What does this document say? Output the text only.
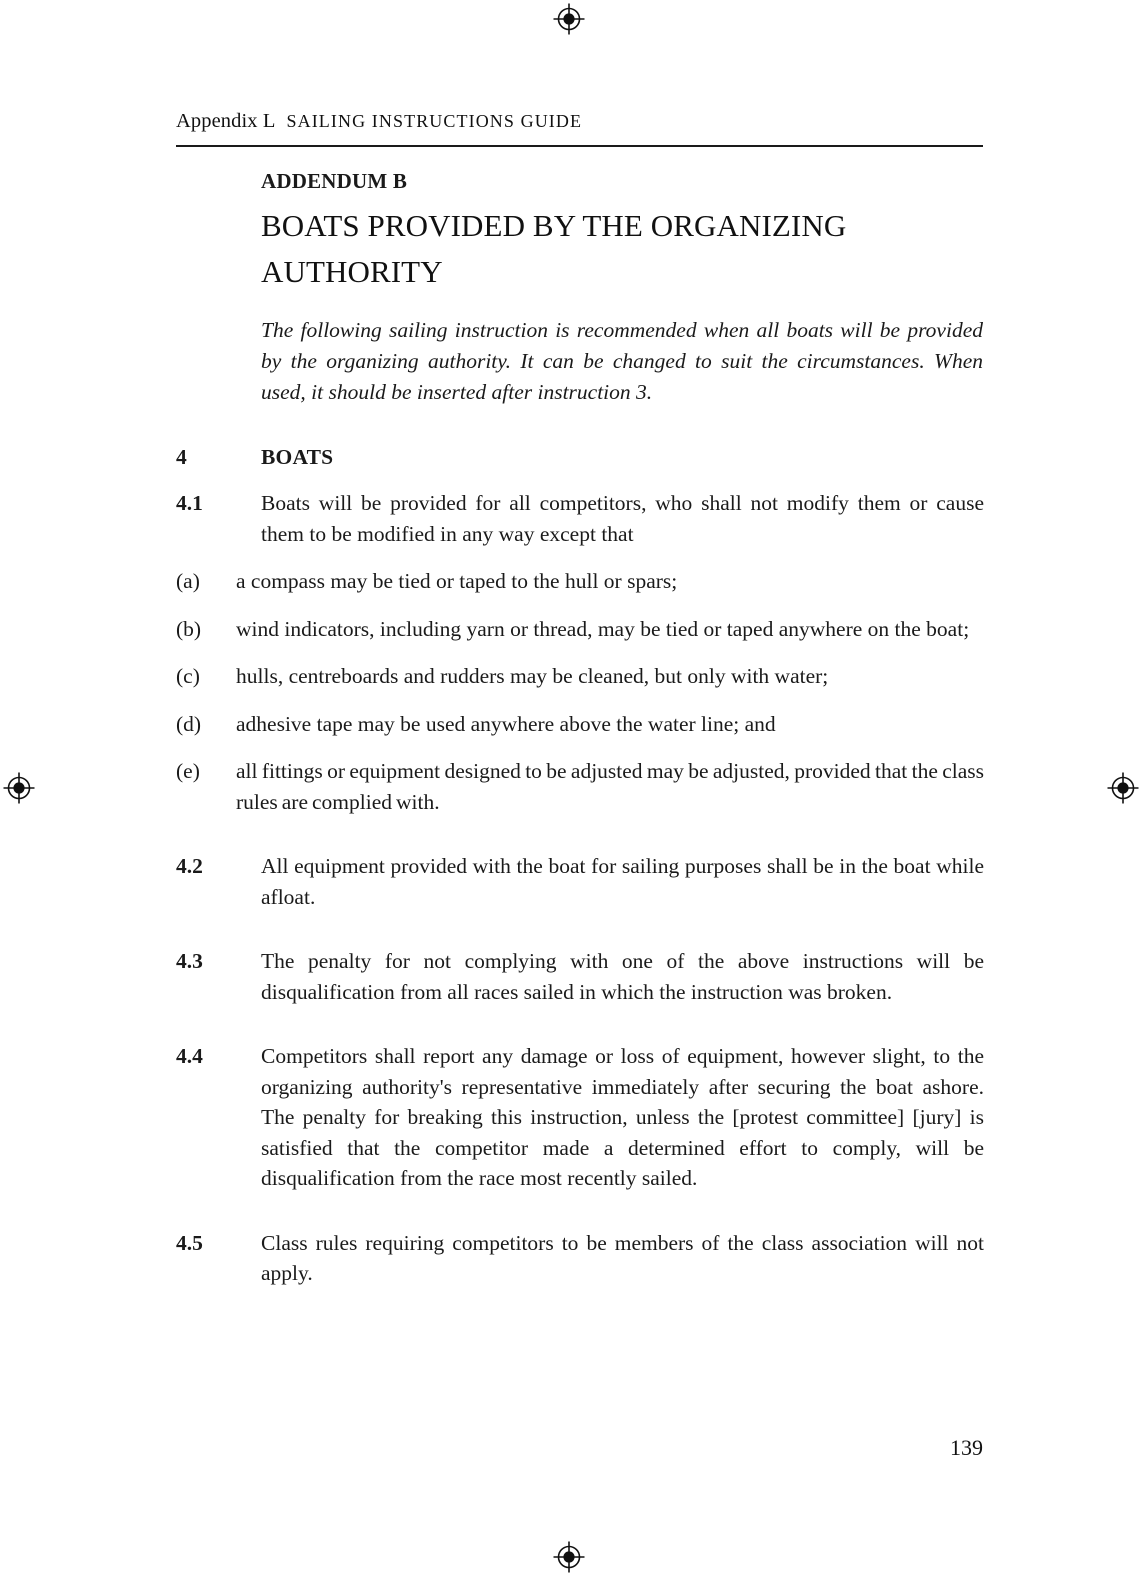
Appendix L SAILING INSTRUCTIONS GUIDE
ADDENDUM B
BOATS PROVIDED BY THE ORGANIZING AUTHORITY
The following sailing instruction is recommended when all boats will be provided by the organizing authority. It can be changed to suit the circumstances. When used, it should be inserted after instruction 3.
4	BOATS
4.1	Boats will be provided for all competitors, who shall not modify them or cause them to be modified in any way except that
(a)	a compass may be tied or taped to the hull or spars;
(b)	wind indicators, including yarn or thread, may be tied or taped anywhere on the boat;
(c)	hulls, centreboards and rudders may be cleaned, but only with water;
(d)	adhesive tape may be used anywhere above the water line; and
(e)	all fittings or equipment designed to be adjusted may be adjusted, provided that the class rules are complied with.
4.2	All equipment provided with the boat for sailing purposes shall be in the boat while afloat.
4.3	The penalty for not complying with one of the above instructions will be disqualification from all races sailed in which the instruction was broken.
4.4	Competitors shall report any damage or loss of equipment, however slight, to the organizing authority's representative immediately after securing the boat ashore. The penalty for breaking this instruction, unless the [protest committee] [jury] is satisfied that the competitor made a determined effort to comply, will be disqualification from the race most recently sailed.
4.5	Class rules requiring competitors to be members of the class association will not apply.
139
